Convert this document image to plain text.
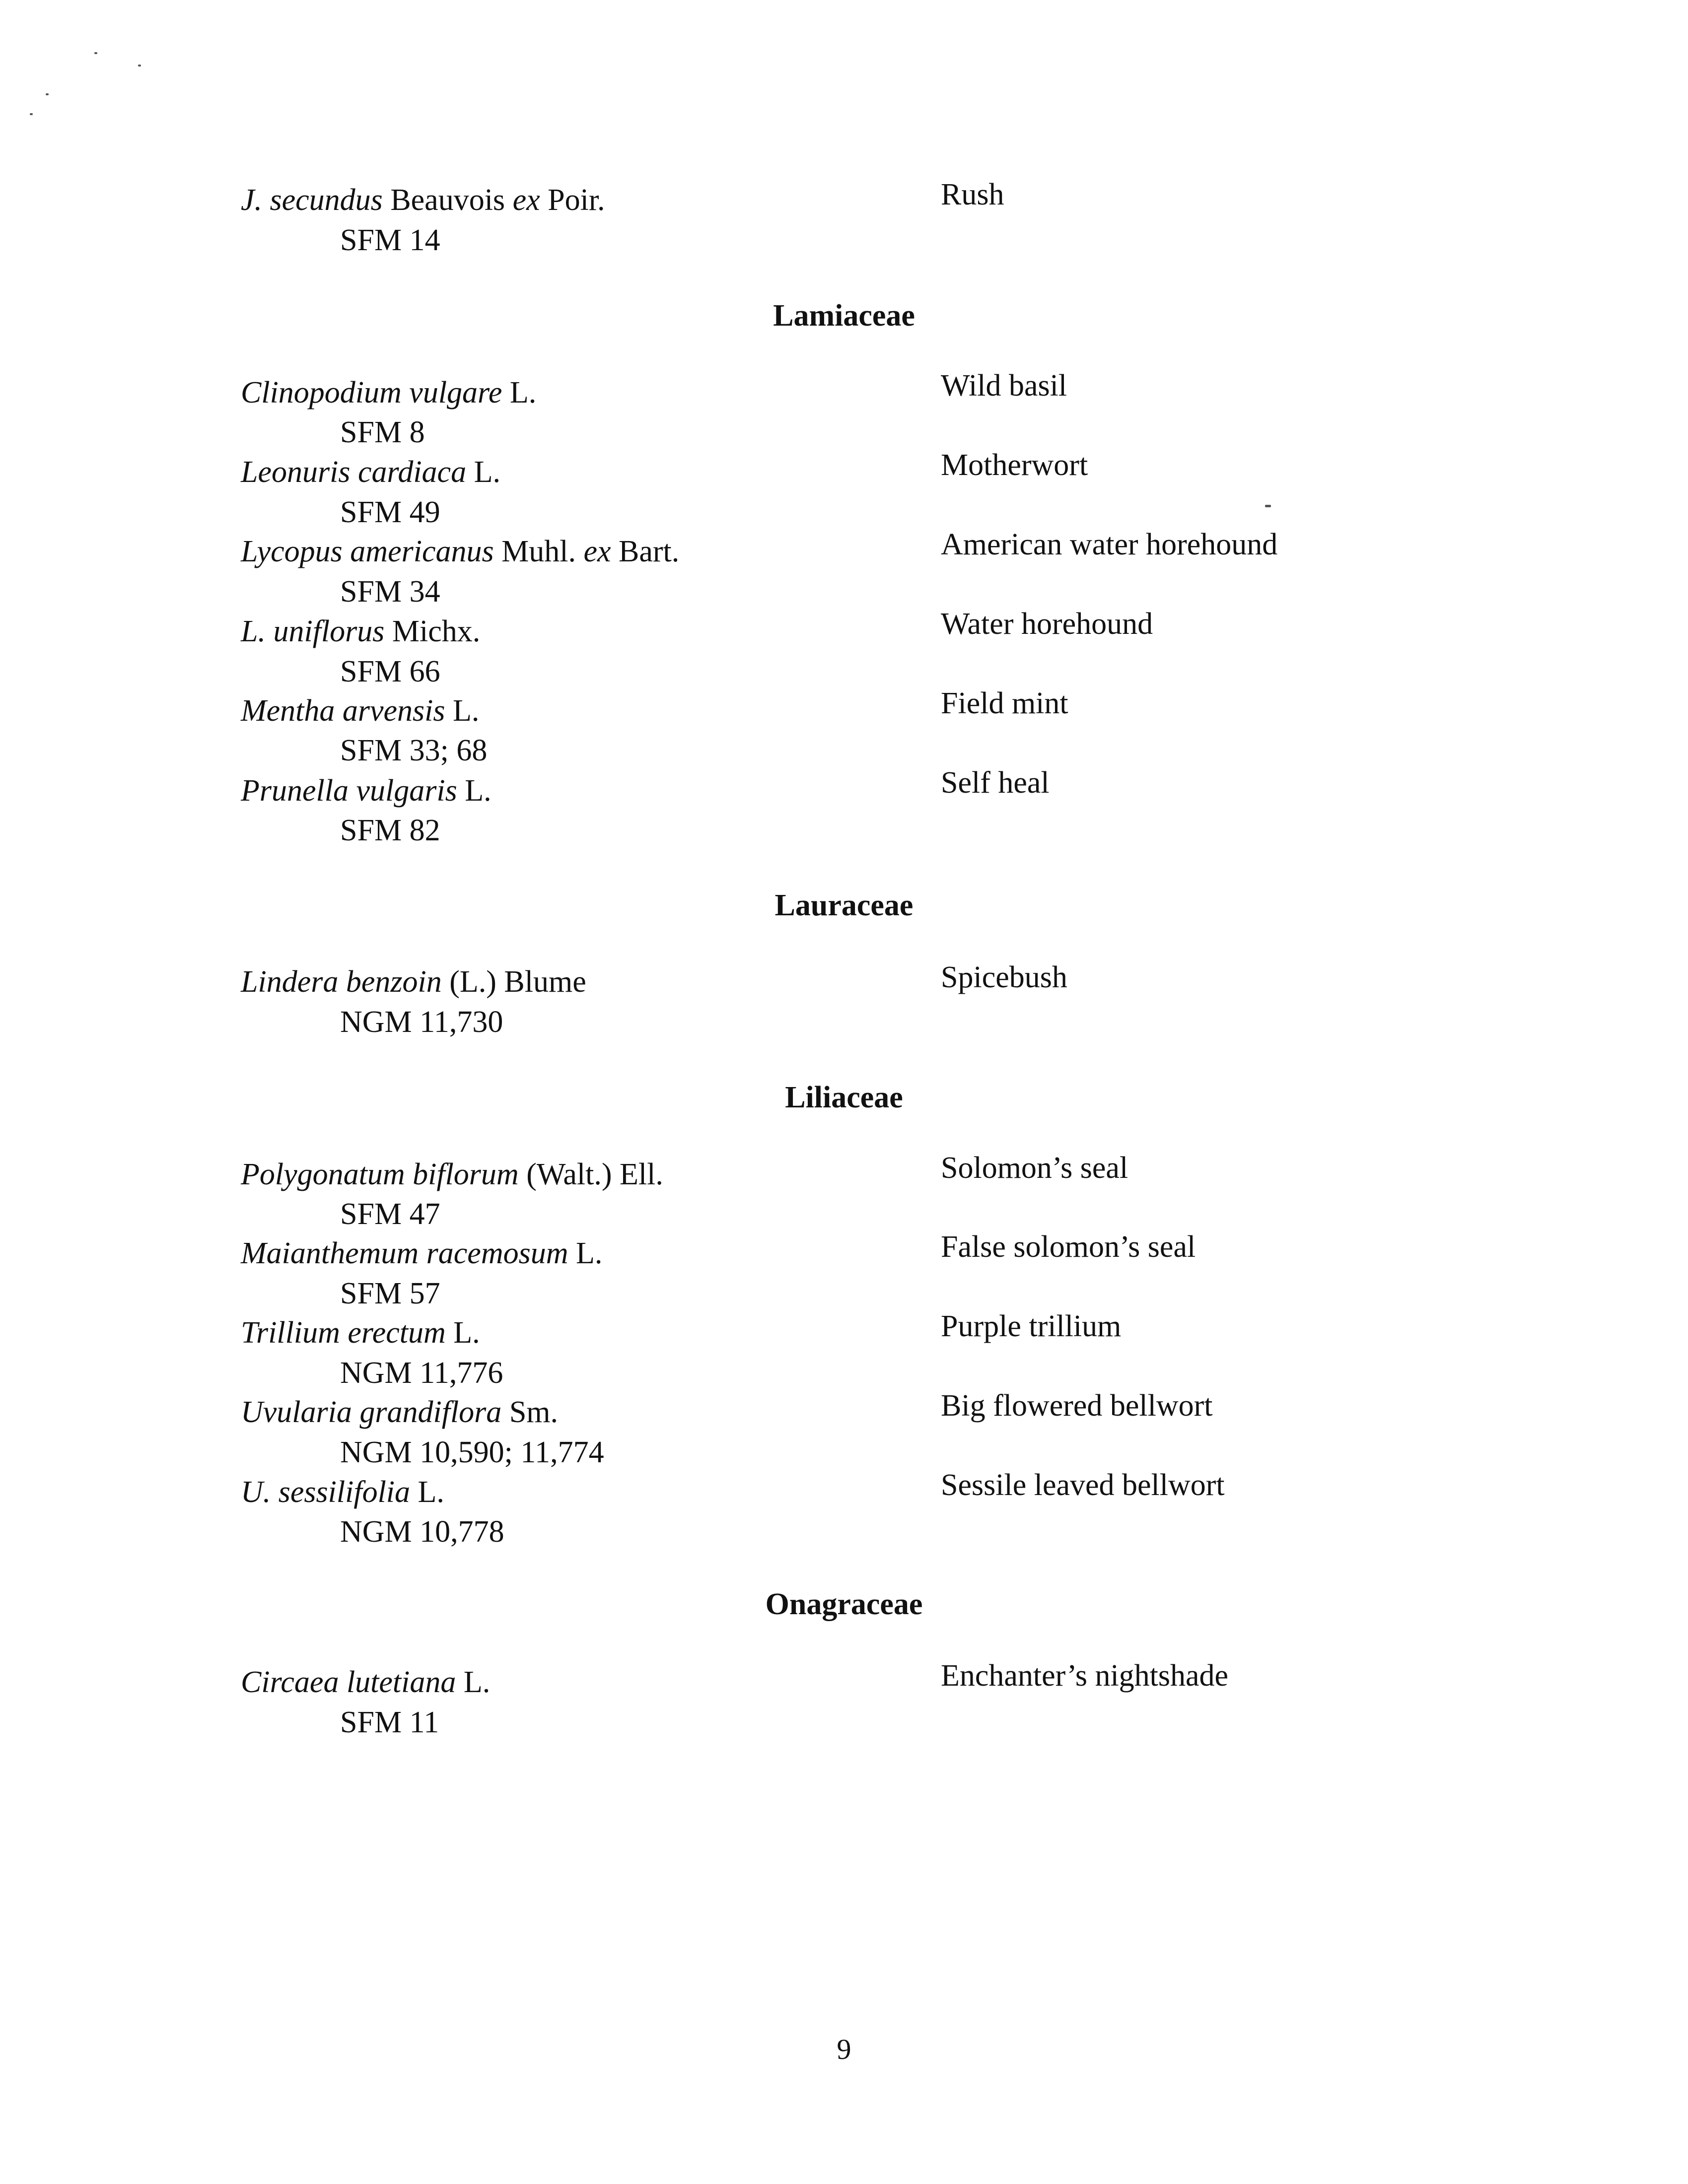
J. secundus Beauvois ex Poir.
SFM 14
Rush
Lamiaceae
Clinopodium vulgare L.
SFM 8
Wild basil
Leonuris cardiaca L.
SFM 49
Motherwort
Lycopus americanus Muhl. ex Bart.
SFM 34
American water horehound
L. uniflorus Michx.
SFM 66
Water horehound
Mentha arvensis L.
SFM 33; 68
Field mint
Prunella vulgaris L.
SFM 82
Self heal
Lauraceae
Lindera benzoin (L.) Blume
NGM 11,730
Spicebush
Liliaceae
Polygonatum biflorum (Walt.) Ell.
SFM 47
Solomon’s seal
Maianthemum racemosum L.
SFM 57
False solomon’s seal
Trillium erectum L.
NGM 11,776
Purple trillium
Uvularia grandiflora Sm.
NGM 10,590; 11,774
Big flowered bellwort
U. sessilifolia L.
NGM 10,778
Sessile leaved bellwort
Onagraceae
Circaea lutetiana L.
SFM 11
Enchanter’s nightshade
9
